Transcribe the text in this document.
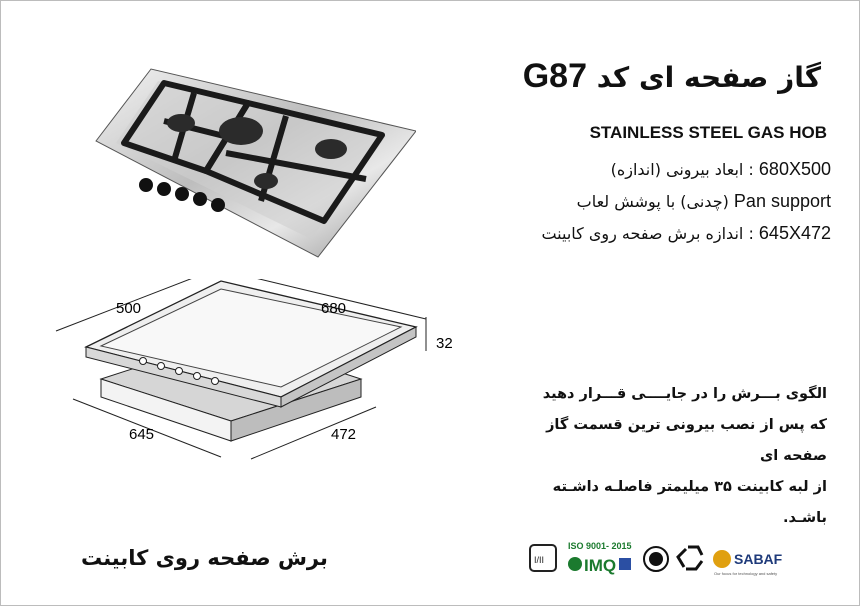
گاز صفحه ای کد G87
STAINLESS STEEL GAS HOB
680X500 : ابعاد بیرونی (اندازه)
Pan support (چدنی) با پوشش لعاب
645X472 : اندازه برش صفحه روی کابینت
500	680
32
645	472
الگوی بـــرش را در جایــــی قـــرار دهید
که پس از نصب بیرونی ترین قسمت گاز صفحه ای
از لبه کابینت ۳۵ میلیمتر فاصلـه داشـته باشـد.
برش صفحه روی کابینت	I/II
ISO 9001- 2015
IMQ	SABAF
Our focus for technology and safety
